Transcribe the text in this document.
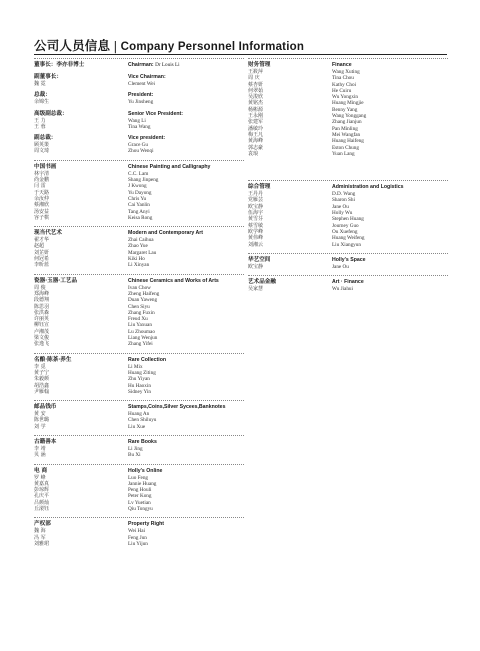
公司人员信息 | Company Personnel Information
董事长：李亦非博士	Chairman: Dr Louis Li
副董事长：
魏 霓
Vice Chairman:
Clement Wei
总裁：
余锦生
President:
Yu Jinsheng
高级副总裁：
王 力
王 蓉
Senior Vice President:
Wang Li
Tina Wang
副总裁：
顾英策
周文琦
Vice president:
Grace Gu
Zhou Wenqi
中国书画
林宇清
尚金鹏
闫 雷
于天路
余汝仲
蔡湘欣
汤安益
容子棋
Chinese Painting and Calligraphy
C.C. Lam
Shang Jinpeng
J Kwong
Yu Dayong
Chris Yu
Cai Yanlin
Tang Anyi
Keisa Rong
现当代艺术
翟才华
赵超
刘芷妍
何冠希
李昕蓝
Modern and Contemporary Art
Zhai Caihua
Zhao Yue
Margaret Lau
Kiki Ho
Li Xinyan
瓷器·玉器·工艺品
周 俊
郑海峰
段德翔
陈思羽
张洪森
许丽英
柳钰宣
卢湘茂
梁文俊
张逸飞
Chinese Ceramics and Works of Arts
Ivan Chow
Zheng Haifeng
Duan Yaweng
Chen Siyu
Zhang Fuxin
Freud Xu
Liu Yaxuan
Lu Zhoumao
Liang Wenjun
Zhang Yifei
名酿·陈茶·养生
李 觅
黄子宁
朱毅颜
胡浩鑫
尹雁翰
Rare Collection
Li Mix
Huang Ziting
Zhu Yiyan
Hu Haoxin
Sidney Yin
邮品钱币
黄 安
陈世璐
刘 学
Stamps,Coins,Silver Sycees,Banknotes
Huang An
Chen Shiluyu
Liu Xue
古籍善本
李 靖
贝 涵
Rare Books
Li Jing
Bu Xi
电 商
罗 峰
黄嘉真
彭琼辉
孔庆平
吕颜灿
丘滚钰
Holly's Online
Luo Feng
Jannie Huang
Peng Houli
Peter Kong
Lv Yuetian
Qiu Tongyu
产权部
魏 海
冯 军
刘雅珺
Property Right
Wei Hai
Feng Jun
Liu Yijun
财务管理
王筱萍
周 庆
蔡杏妍
何翠茹
吴浚欣
黄铭杰
杨彬源
王永刚
张建军
潘敏玲
梅王凡
黄海峰
郭志豪
袁琅
Finance
Wang Xuting
Tina Chou
Kathy Choi
He Cuiru
Wu Yongxin
Huang Mingjie
Benny Yang
Wang Yonggang
Zhang Jianjun
Pan Minling
Mei Wangfan
Huang Haifeng
Eston Chung
Yuan Lang
综合管理
王丹丹
党雁芸
欧宝静
伍海宇
黄雪芬
蔡雪敏
欧学峰
黄伟峰
刘湘云
Administration and Logistics
D.D. Wang
Sharon Shi
Jane Ou
Holly Wu
Stephen Huang
Journey Guo
Ou Xuefeng
Huang Weifeng
Liu Xiangyun
华艺空间
欧宝静
Holly's Space
Jane Ou
艺术品金融
吴家慧
Art · Finance
Wu Jiahui
